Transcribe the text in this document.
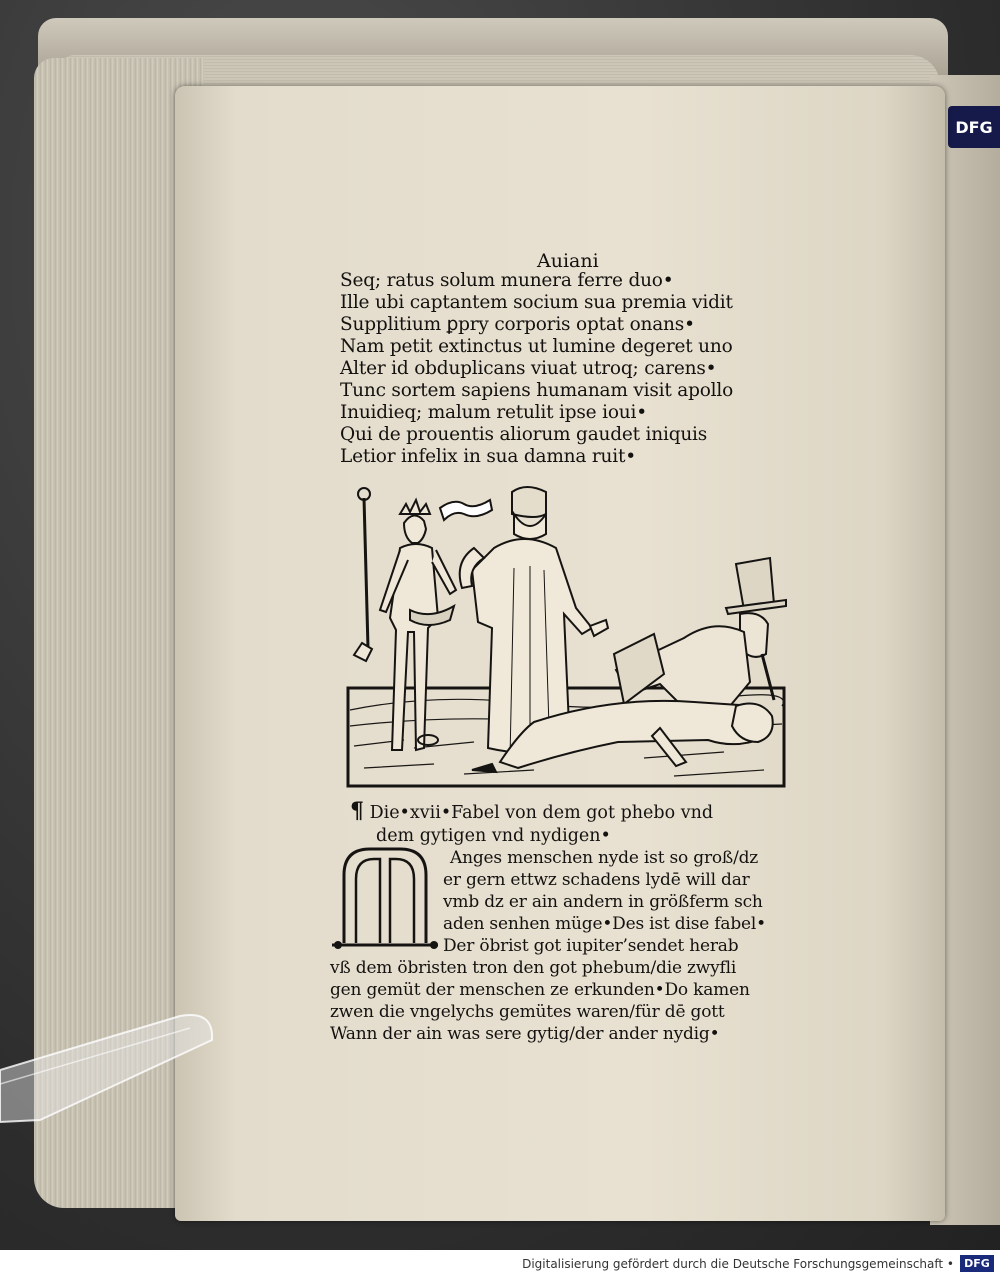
DFG
Auiani
Seq; ratus solum munera ferre duo•
Ille ubi captantem socium sua premia vidit
Supplitium ꝑpry corporis optat onans•
Nam petit extinctus ut lumine degeret uno
Alter id obduplicans viuat utroq; carens•
Tunc sortem sapiens humanam visit apollo
Inuidieq; malum retulit ipse ioui•
Qui de prouentis aliorum gaudet iniquis
Letior infelix in sua damna ruit•
¶ Die•xvii•Fabel von dem got phebo vnd
dem gytigen vnd nydigen•
Anges menschen nyde ist so groß/dz
er gern ettwz schadens lydē will dar
vmb dz er ain andern in größferm sch
aden senhen müge•Des ist dise fabel•
Der öbrist got iupiter’sendet herab
vß dem öbristen tron den got phebum/die zwyfli
gen gemüt der menschen ze erkunden•Do kamen
zwen die vngelychs gemütes waren/für dē gott
Wann der ain was sere gytig/der ander nydig•
Digitalisierung gefördert durch die Deutsche Forschungsgemeinschaft • DFG
